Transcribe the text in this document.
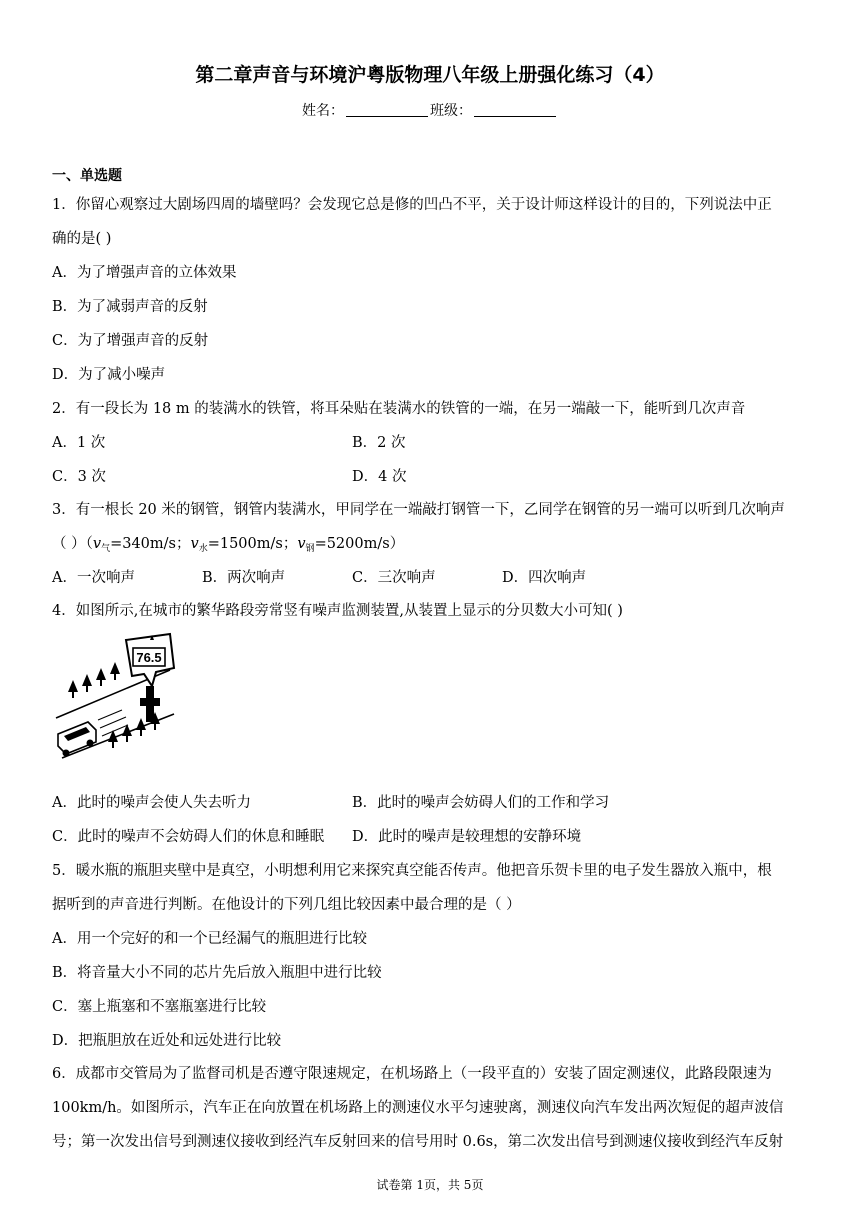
第二章声音与环境沪粤版物理八年级上册强化练习（4）
姓名：	班级：
一、单选题
1．你留心观察过大剧场四周的墙壁吗？会发现它总是修的凹凸不平，关于设计师这样设计的目的，下列说法中正
确的是( )
A．为了增强声音的立体效果
B．为了减弱声音的反射
C．为了增强声音的反射
D．为了减小噪声
2．有一段长为 18 m 的装满水的铁管，将耳朵贴在装满水的铁管的一端，在另一端敲一下，能听到几次声音
A．1 次	B．2 次
C．3 次	D．4 次
3．有一根长 20 米的钢管，钢管内装满水，甲同学在一端敲打钢管一下，乙同学在钢管的另一端可以听到几次响声
（ ）（$v_气=340m/s$；$v_水=1500m/s$；$v_钢=5200m/s$）
A．一次响声	B．两次响声	C．三次响声	D．四次响声
4．如图所示,在城市的繁华路段旁常竖有噪声监测装置,从装置上显示的分贝数大小可知( )
76.5
A．此时的噪声会使人失去听力	B．此时的噪声会妨碍人们的工作和学习
C．此时的噪声不会妨碍人们的休息和睡眠 D．此时的噪声是较理想的安静环境
5．暖水瓶的瓶胆夹壁中是真空，小明想利用它来探究真空能否传声。他把音乐贺卡里的电子发生器放入瓶中，根
据听到的声音进行判断。在他设计的下列几组比较因素中最合理的是（ ）
A．用一个完好的和一个已经漏气的瓶胆进行比较
B．将音量大小不同的芯片先后放入瓶胆中进行比较
C．塞上瓶塞和不塞瓶塞进行比较
D．把瓶胆放在近处和远处进行比较
6．成都市交管局为了监督司机是否遵守限速规定，在机场路上（一段平直的）安装了固定测速仪，此路段限速为
100km/h。如图所示，汽车正在向放置在机场路上的测速仪水平匀速驶离，测速仪向汽车发出两次短促的超声波信
号；第一次发出信号到测速仪接收到经汽车反射回来的信号用时 0.6s，第二次发出信号到测速仪接收到经汽车反射
试卷第 1页，共 5页
